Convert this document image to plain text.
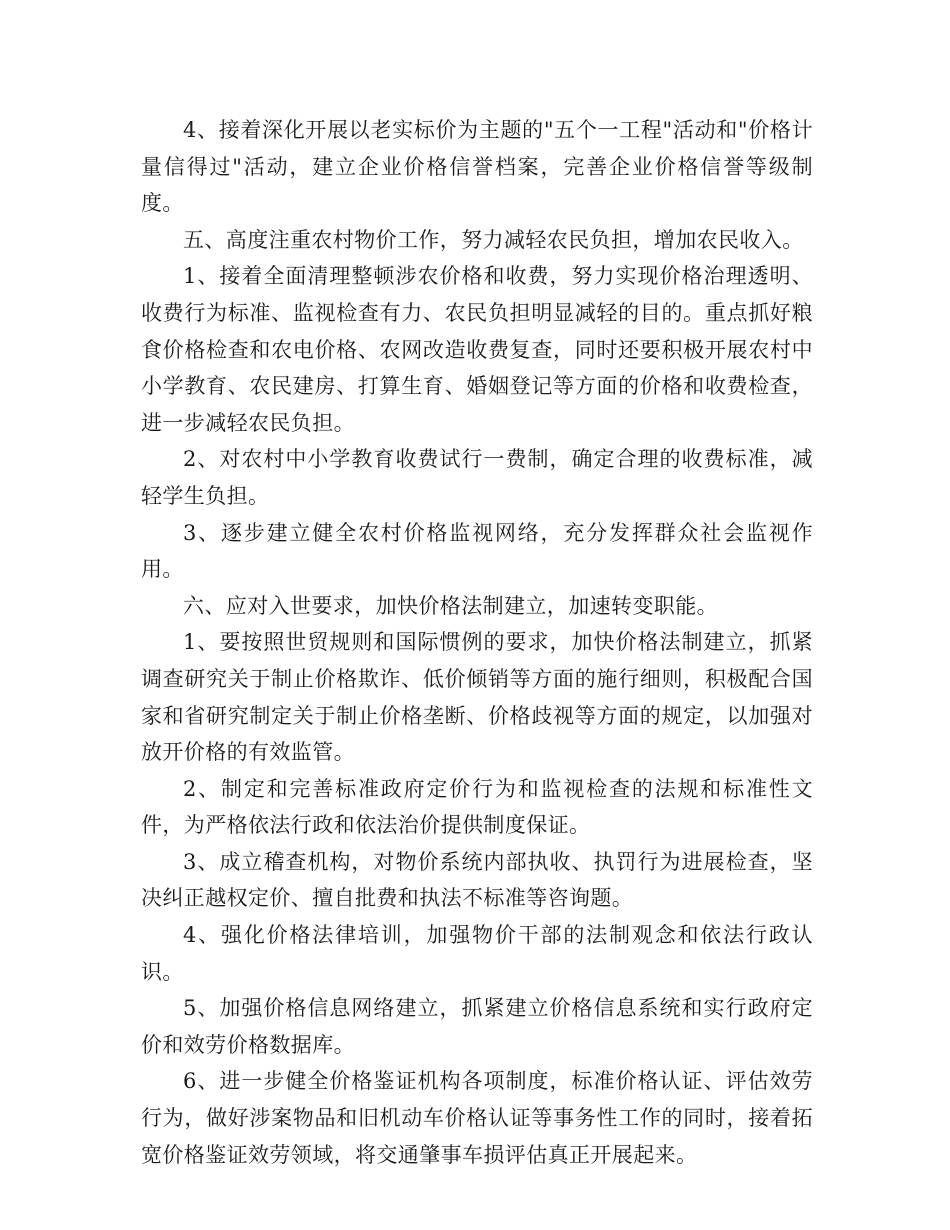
4、接着深化开展以老实标价为主题的"五个一工程"活动和"价格计量信得过"活动，建立企业价格信誉档案，完善企业价格信誉等级制度。

五、高度注重农村物价工作，努力减轻农民负担，增加农民收入。

1、接着全面清理整顿涉农价格和收费，努力实现价格治理透明、收费行为标准、监视检查有力、农民负担明显减轻的目的。重点抓好粮食价格检查和农电价格、农网改造收费复查，同时还要积极开展农村中小学教育、农民建房、打算生育、婚姻登记等方面的价格和收费检查，进一步减轻农民负担。

2、对农村中小学教育收费试行一费制，确定合理的收费标准，减轻学生负担。

3、逐步建立健全农村价格监视网络，充分发挥群众社会监视作用。

六、应对入世要求，加快价格法制建立，加速转变职能。

1、要按照世贸规则和国际惯例的要求，加快价格法制建立，抓紧调查研究关于制止价格欺诈、低价倾销等方面的施行细则，积极配合国家和省研究制定关于制止价格垄断、价格歧视等方面的规定，以加强对放开价格的有效监管。

2、制定和完善标准政府定价行为和监视检查的法规和标准性文件，为严格依法行政和依法治价提供制度保证。

3、成立稽查机构，对物价系统内部执收、执罚行为进展检查，坚决纠正越权定价、擅自批费和执法不标准等咨询题。

4、强化价格法律培训，加强物价干部的法制观念和依法行政认识。

5、加强价格信息网络建立，抓紧建立价格信息系统和实行政府定价和效劳价格数据库。

6、进一步健全价格鉴证机构各项制度，标准价格认证、评估效劳行为，做好涉案物品和旧机动车价格认证等事务性工作的同时，接着拓宽价格鉴证效劳领域，将交通肇事车损评估真正开展起来。
